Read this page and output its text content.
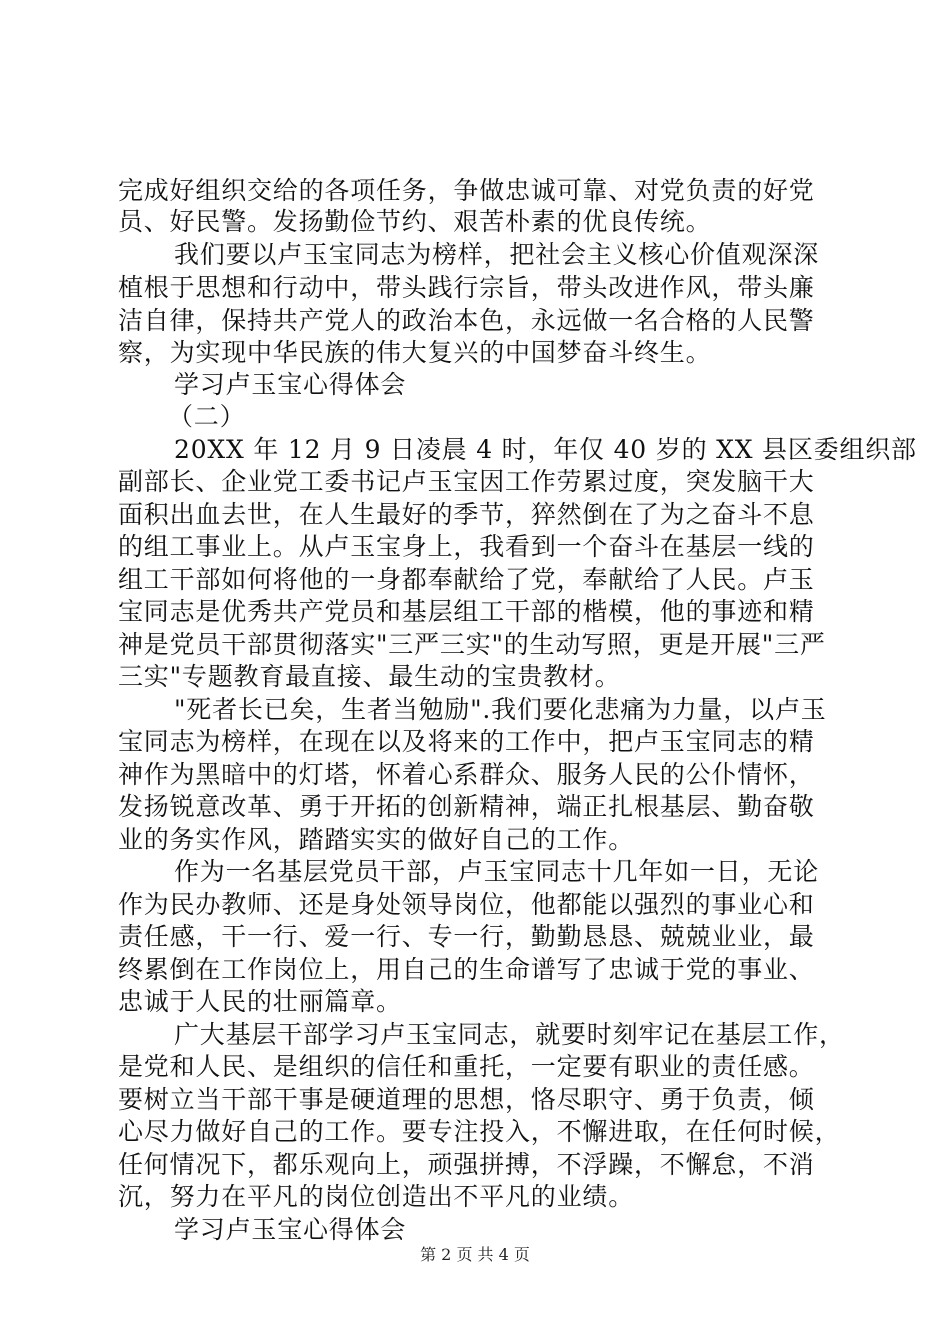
完成好组织交给的各项任务，争做忠诚可靠、对党负责的好党
员、好民警。发扬勤俭节约、艰苦朴素的优良传统。
我们要以卢玉宝同志为榜样，把社会主义核心价值观深深
植根于思想和行动中，带头践行宗旨，带头改进作风，带头廉
洁自律，保持共产党人的政治本色，永远做一名合格的人民警
察，为实现中华民族的伟大复兴的中国梦奋斗终生。
学习卢玉宝心得体会
（二）
20XX 年 12 月 9 日凌晨 4 时，年仅 40 岁的 XX 县区委组织部
副部长、企业党工委书记卢玉宝因工作劳累过度，突发脑干大
面积出血去世，在人生最好的季节，猝然倒在了为之奋斗不息
的组工事业上。从卢玉宝身上，我看到一个奋斗在基层一线的
组工干部如何将他的一身都奉献给了党，奉献给了人民。卢玉
宝同志是优秀共产党员和基层组工干部的楷模，他的事迹和精
神是党员干部贯彻落实"三严三实"的生动写照，更是开展"三严
三实"专题教育最直接、最生动的宝贵教材。
"死者长已矣，生者当勉励".我们要化悲痛为力量，以卢玉
宝同志为榜样，在现在以及将来的工作中，把卢玉宝同志的精
神作为黑暗中的灯塔，怀着心系群众、服务人民的公仆情怀，
发扬锐意改革、勇于开拓的创新精神，端正扎根基层、勤奋敬
业的务实作风，踏踏实实的做好自己的工作。
作为一名基层党员干部，卢玉宝同志十几年如一日，无论
作为民办教师、还是身处领导岗位，他都能以强烈的事业心和
责任感，干一行、爱一行、专一行，勤勤恳恳、兢兢业业，最
终累倒在工作岗位上，用自己的生命谱写了忠诚于党的事业、
忠诚于人民的壮丽篇章。
广大基层干部学习卢玉宝同志，就要时刻牢记在基层工作，
是党和人民、是组织的信任和重托，一定要有职业的责任感。
要树立当干部干事是硬道理的思想，恪尽职守、勇于负责，倾
心尽力做好自己的工作。要专注投入，不懈进取，在任何时候，
任何情况下，都乐观向上，顽强拼搏，不浮躁，不懈怠，不消
沉，努力在平凡的岗位创造出不平凡的业绩。
学习卢玉宝心得体会
第 2 页 共 4 页
